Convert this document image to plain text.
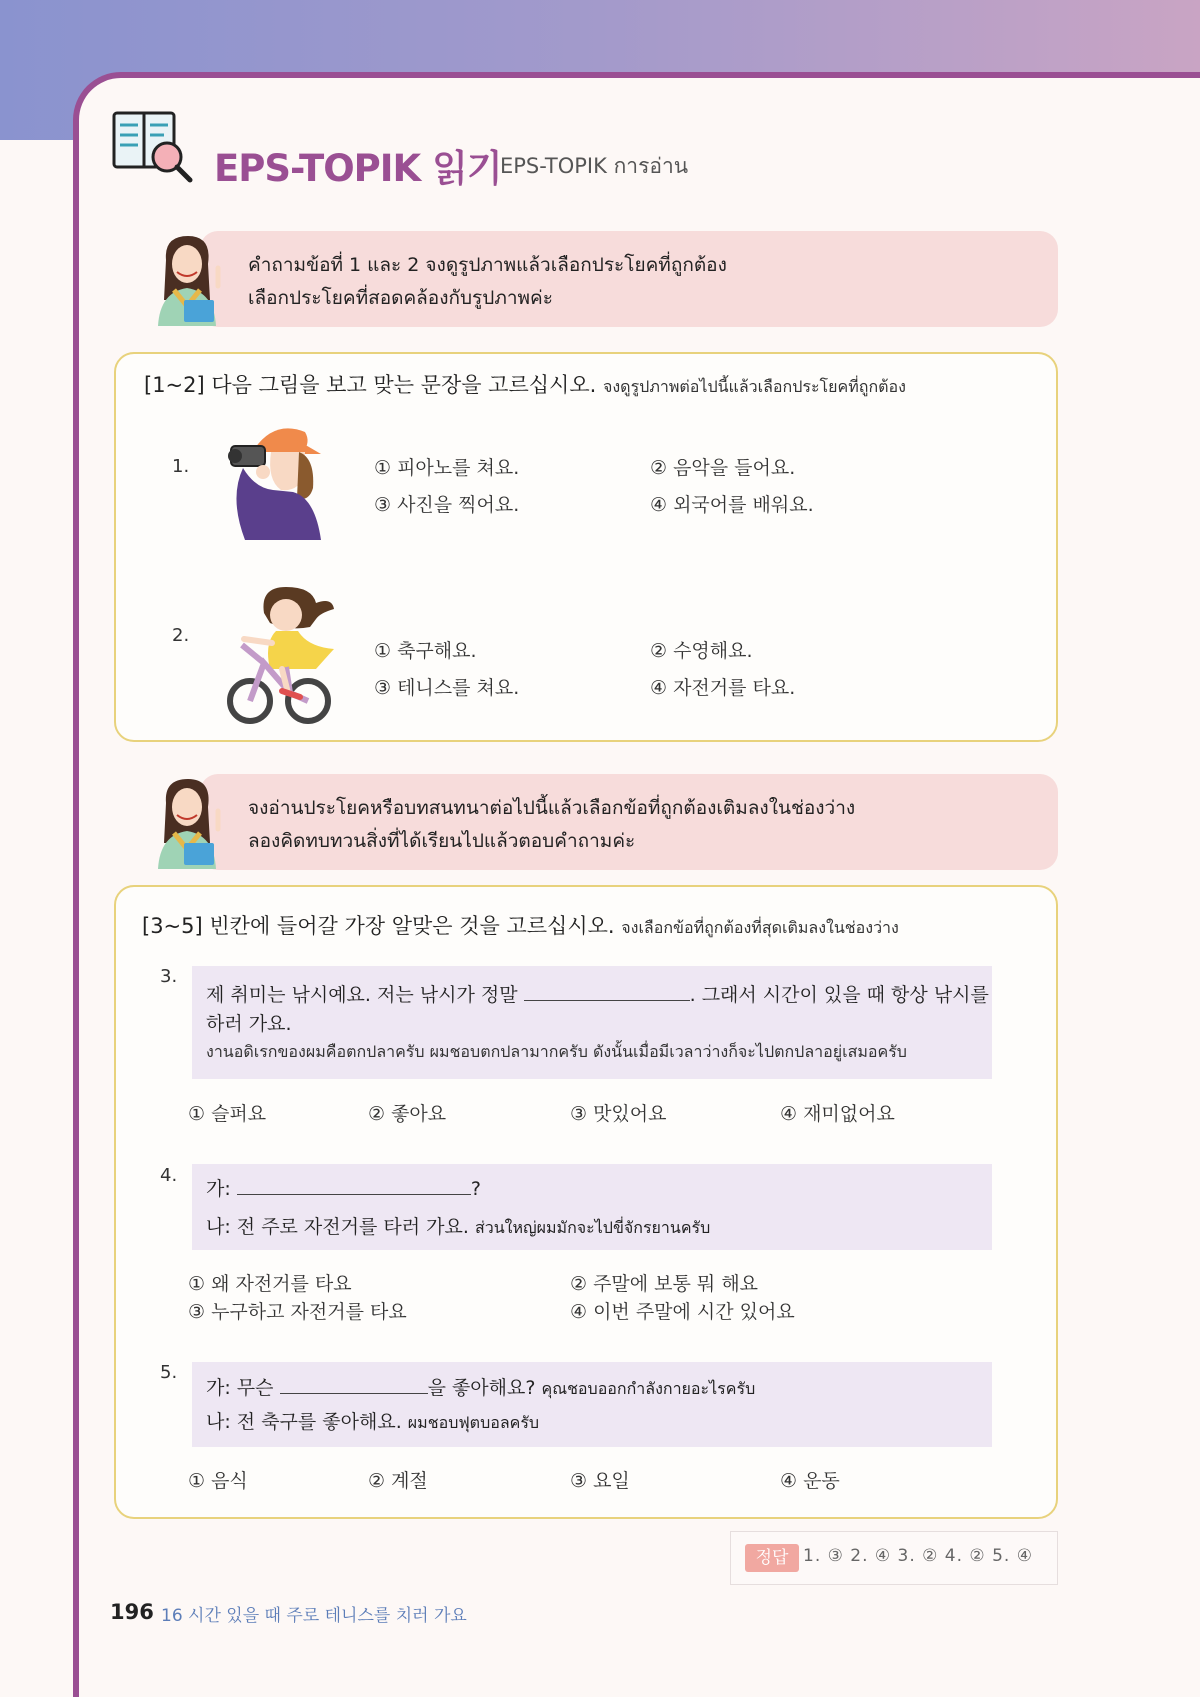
EPS-TOPIK 읽기
EPS-TOPIK การอ่าน
คำถามข้อที่ 1 และ 2 จงดูรูปภาพแล้วเลือกประโยคที่ถูกต้อง
เลือกประโยคที่สอดคล้องกับรูปภาพค่ะ
[1~2] 다음 그림을 보고 맞는 문장을 고르십시오. จงดูรูปภาพต่อไปนี้แล้วเลือกประโยคที่ถูกต้อง
1.	① 피아노를 쳐요.	② 음악을 들어요.
③ 사진을 찍어요.	④ 외국어를 배워요.
2.
① 축구해요.	② 수영해요.
③ 테니스를 쳐요.	④ 자전거를 타요.
จงอ่านประโยคหรือบทสนทนาต่อไปนี้แล้วเลือกข้อที่ถูกต้องเติมลงในช่องว่าง
ลองคิดทบทวนสิ่งที่ได้เรียนไปแล้วตอบคำถามค่ะ
[3~5] 빈칸에 들어갈 가장 알맞은 것을 고르십시오. จงเลือกข้อที่ถูกต้องที่สุดเติมลงในช่องว่าง
3.
제 취미는 낚시예요. 저는 낚시가 정말	. 그래서 시간이 있을 때 항상 낚시를
하러 가요.
งานอดิเรกของผมคือตกปลาครับ ผมชอบตกปลามากครับ ดังนั้นเมื่อมีเวลาว่างก็จะไปตกปลาอยู่เสมอครับ
① 슬퍼요	② 좋아요	③ 맛있어요	④ 재미없어요
4.
가:	?
나: 전 주로 자전거를 타러 가요. ส่วนใหญ่ผมมักจะไปขี่จักรยานครับ
① 왜 자전거를 타요	② 주말에 보통 뭐 해요
③ 누구하고 자전거를 타요	④ 이번 주말에 시간 있어요
5.
가: 무슨	을 좋아해요? คุณชอบออกกำลังกายอะไรครับ
나: 전 축구를 좋아해요. ผมชอบฟุตบอลครับ
① 음식	② 계절	③ 요일	④ 운동
정답 1. ③ 2. ④ 3. ② 4. ② 5. ④
196 16 시간 있을 때 주로 테니스를 치러 가요
